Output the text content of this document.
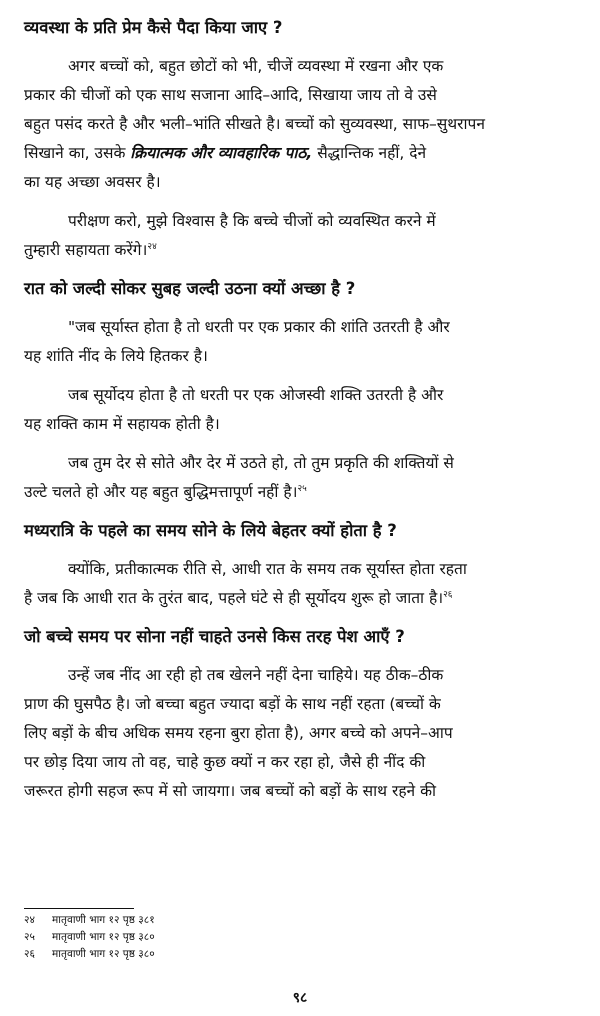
व्यवस्था के प्रति प्रेम कैसे पैदा किया जाए ?
अगर बच्चों को, बहुत छोटों को भी, चीजें व्यवस्था में रखना और एक
प्रकार की चीजों को एक साथ सजाना आदि–आदि, सिखाया जाय तो वे उसे
बहुत पसंद करते है और भली–भांति सीखते है। बच्चों को सुव्यवस्था, साफ–सुथरापन
सिखाने का, उसके क्रियात्मक और व्यावहारिक पाठ, सैद्धान्तिक नहीं, देने
का यह अच्छा अवसर है।
परीक्षण करो, मुझे विश्वास है कि बच्चे चीजों को व्यवस्थित करने में
तुम्हारी सहायता करेंगे।$^{२४}$
रात को जल्दी सोकर सुबह जल्दी उठना क्यों अच्छा है ?
"जब सूर्यास्त होता है तो धरती पर एक प्रकार की शांति उतरती है और
यह शांति नींद के लिये हितकर है।
जब सूर्योदय होता है तो धरती पर एक ओजस्वी शक्ति उतरती है और
यह शक्ति काम में सहायक होती है।
जब तुम देर से सोते और देर में उठते हो, तो तुम प्रकृति की शक्तियों से
उल्टे चलते हो और यह बहुत बुद्धिमत्तापूर्ण नहीं है।$^{२५}$
मध्यरात्रि के पहले का समय सोने के लिये बेहतर क्यों होता है ?
क्योंकि, प्रतीकात्मक रीति से, आधी रात के समय तक सूर्यास्त होता रहता
है जब कि आधी रात के तुरंत बाद, पहले घंटे से ही सूर्योदय शुरू हो जाता है।$^{२६}$
जो बच्चे समय पर सोना नहीं चाहते उनसे किस तरह पेश आएँ ?
उन्हें जब नींद आ रही हो तब खेलने नहीं देना चाहिये। यह ठीक–ठीक
प्राण की घुसपैठ है। जो बच्चा बहुत ज्यादा बड़ों के साथ नहीं रहता (बच्चों के
लिए बड़ों के बीच अधिक समय रहना बुरा होता है), अगर बच्चे को अपने–आप
पर छोड़ दिया जाय तो वह, चाहे कुछ क्यों न कर रहा हो, जैसे ही नींद की
जरूरत होगी सहज रूप में सो जायगा। जब बच्चों को बड़ों के साथ रहने की
२४ मातृवाणी भाग १२ पृष्ठ ३८१
२५ मातृवाणी भाग १२ पृष्ठ ३८०
२६ मातृवाणी भाग १२ पृष्ठ ३८०
९८
